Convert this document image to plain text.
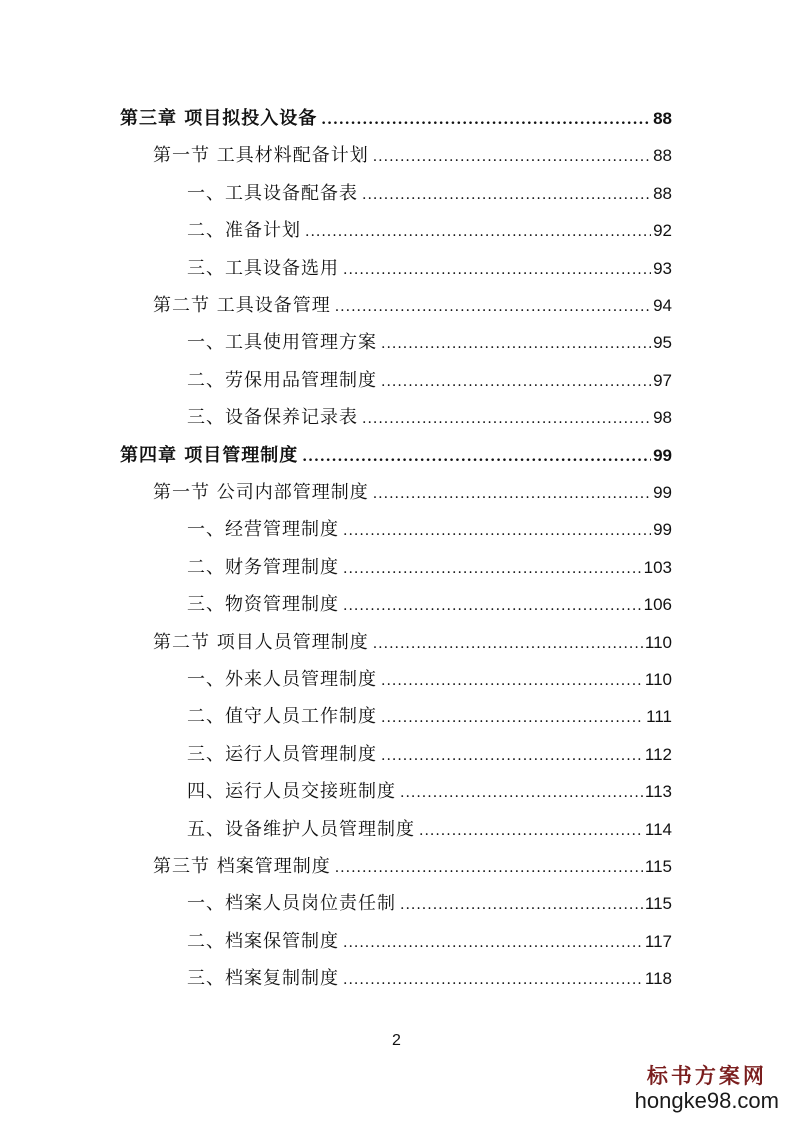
第三章 项目拟投入设备 .....	88
第一节 工具材料配备计划 .....	88
一、工具设备配备表 .....	88
二、准备计划 .....	92
三、工具设备选用 .....	93
第二节 工具设备管理 .....	94
一、工具使用管理方案 .....	95
二、劳保用品管理制度 .....	97
三、设备保养记录表 .....	98
第四章 项目管理制度 .....	99
第一节 公司内部管理制度 .....	99
一、经营管理制度 .....	99
二、财务管理制度 .....	103
三、物资管理制度 .....	106
第二节 项目人员管理制度 .....	110
一、外来人员管理制度 .....	110
二、值守人员工作制度 .....	111
三、运行人员管理制度 .....	112
四、运行人员交接班制度 .....	113
五、设备维护人员管理制度 .....	114
第三节 档案管理制度 .....	115
一、档案人员岗位责任制 .....	115
二、档案保管制度 .....	117
三、档案复制制度 .....	118
2
标书方案网
hongke98.com
